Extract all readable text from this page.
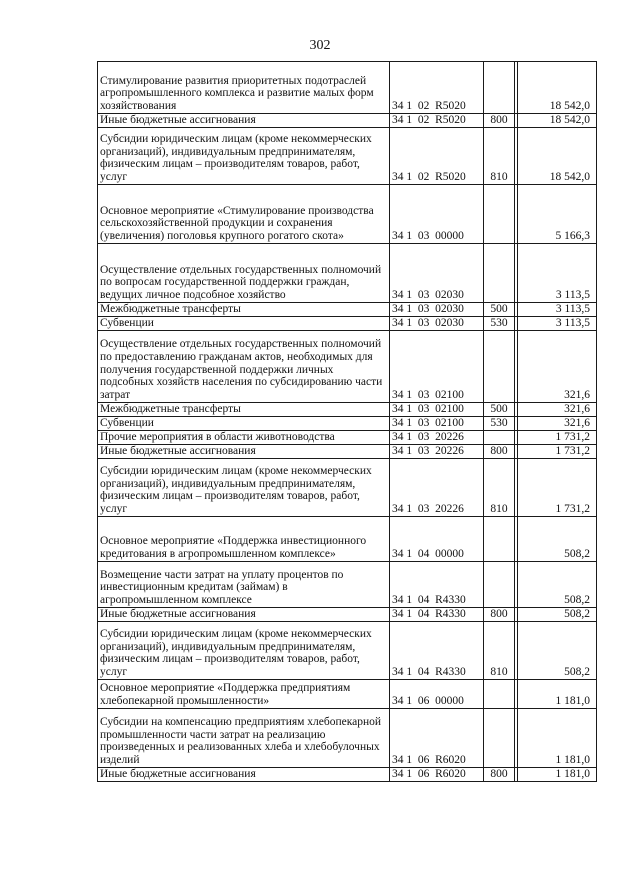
302
Стимулирование развития приоритетных подотраслей агропромышленного комплекса и развитие малых форм хозяйствования	34 1  02  R5020			18 542,0
Иные бюджетные ассигнования	34 1  02  R5020	800		18 542,0
Субсидии юридическим лицам (кроме некоммерческих организаций), индивидуальным предпринимателям, физическим лицам – производителям товаров, работ, услуг	34 1  02  R5020	810		18 542,0
Основное мероприятие «Стимулирование производства сельскохозяйственной продукции и сохранения (увеличения) поголовья крупного рогатого скота»	34 1  03  00000			5 166,3
Осуществление отдельных государственных полномочий по вопросам государственной поддержки граждан, ведущих личное подсобное хозяйство	34 1  03  02030			3 113,5
Межбюджетные трансферты	34 1  03  02030	500		3 113,5
Субвенции	34 1  03  02030	530		3 113,5
Осуществление отдельных государственных полномочий по предоставлению гражданам актов, необходимых для получения государственной поддержки личных подсобных хозяйств населения по субсидированию части затрат	34 1  03  02100			321,6
Межбюджетные трансферты	34 1  03  02100	500		321,6
Субвенции	34 1  03  02100	530		321,6
Прочие мероприятия в области животноводства	34 1  03  20226			1 731,2
Иные бюджетные ассигнования	34 1  03  20226	800		1 731,2
Субсидии юридическим лицам (кроме некоммерческих организаций), индивидуальным предпринимателям, физическим лицам – производителям товаров, работ, услуг	34 1  03  20226	810		1 731,2
Основное мероприятие «Поддержка инвестиционного кредитования в агропромышленном комплексе»	34 1  04  00000			508,2
Возмещение части затрат на уплату процентов по инвестиционным кредитам (займам) в агропромышленном комплексе	34 1  04  R4330			508,2
Иные бюджетные ассигнования	34 1  04  R4330	800		508,2
Субсидии юридическим лицам (кроме некоммерческих организаций), индивидуальным предпринимателям, физическим лицам – производителям товаров, работ, услуг	34 1  04  R4330	810		508,2
Основное мероприятие «Поддержка предприятиям хлебопекарной промышленности»	34 1  06  00000			1 181,0
Субсидии на компенсацию предприятиям хлебопекарной промышленности части затрат на реализацию произведенных и реализованных хлеба и хлебобулочных изделий	34 1  06  R6020			1 181,0
Иные бюджетные ассигнования	34 1  06  R6020	800		1 181,0
